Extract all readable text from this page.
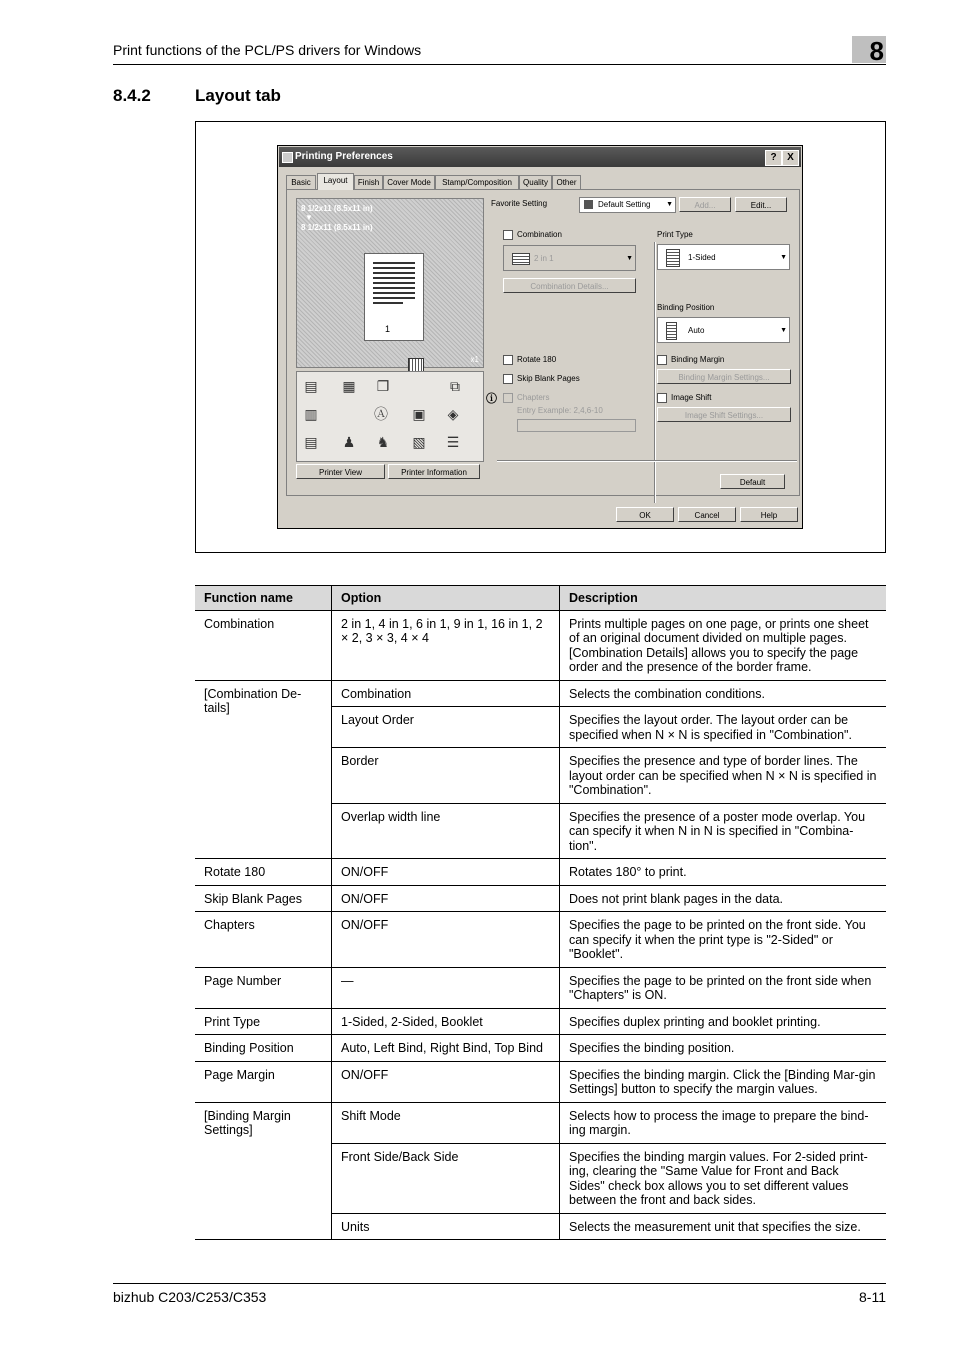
Print functions of the PCL/PS drivers for Windows	8
8.4.2	Layout tab
Printing Preferences	?	X
Basic	Layout	Finish	Cover Mode	Stamp/Composition	Quality	Other
8 1/2x11 (8.5x11 in)
▼
8 1/2x11 (8.5x11 in)
1
x1
▤ ▦ ❐	⧉
▥	Ⓐ ▣ ◈
▤ ♟ ♞ ▧ ☰
Printer View	Printer Information
Favorite Setting	Default Setting ▼	Add...	Edit...
Combination
2 in 1	▼
Combination Details...
Rotate 180
Skip Blank Pages
ⓘ	Chapters
Entry Example: 2,4,6-10
Print Type
1-Sided	▼
Binding Position
Auto	▼
Binding Margin
Binding Margin Settings...
Image Shift
Image Shift Settings...
Default
OK	Cancel	Help
Function name	Option	Description
Combination	2 in 1, 4 in 1, 6 in 1, 9 in 1, 16 in 1, 2 × 2, 3 × 3, 4 × 4	Prints multiple pages on one page, or prints one sheet of an original document divided on multiple pages. [Combination Details] allows you to specify the page order and the presence of the border frame.
[Combination De-tails]	Combination	Selects the combination conditions.
	Layout Order	Specifies the layout order. The layout order can be specified when N × N is specified in "Combination".
	Border	Specifies the presence and type of border lines. The layout order can be specified when N × N is specified in "Combination".
	Overlap width line	Specifies the presence of a poster mode overlap. You can specify it when N in N is specified in "Combina-tion".
Rotate 180	ON/OFF	Rotates 180° to print.
Skip Blank Pages	ON/OFF	Does not print blank pages in the data.
Chapters	ON/OFF	Specifies the page to be printed on the front side. You can specify it when the print type is "2-Sided" or "Booklet".
Page Number	—	Specifies the page to be printed on the front side when "Chapters" is ON.
Print Type	1-Sided, 2-Sided, Booklet	Specifies duplex printing and booklet printing.
Binding Position	Auto, Left Bind, Right Bind, Top Bind	Specifies the binding position.
Page Margin	ON/OFF	Specifies the binding margin. Click the [Binding Mar-gin Settings] button to specify the margin values.
[Binding Margin Settings]	Shift Mode	Selects how to process the image to prepare the bind-ing margin.
	Front Side/Back Side	Specifies the binding margin values. For 2-sided print-ing, clearing the "Same Value for Front and Back Sides" check box allows you to set different values between the front and back sides.
	Units	Selects the measurement unit that specifies the size.
bizhub C203/C253/C353	8-11
